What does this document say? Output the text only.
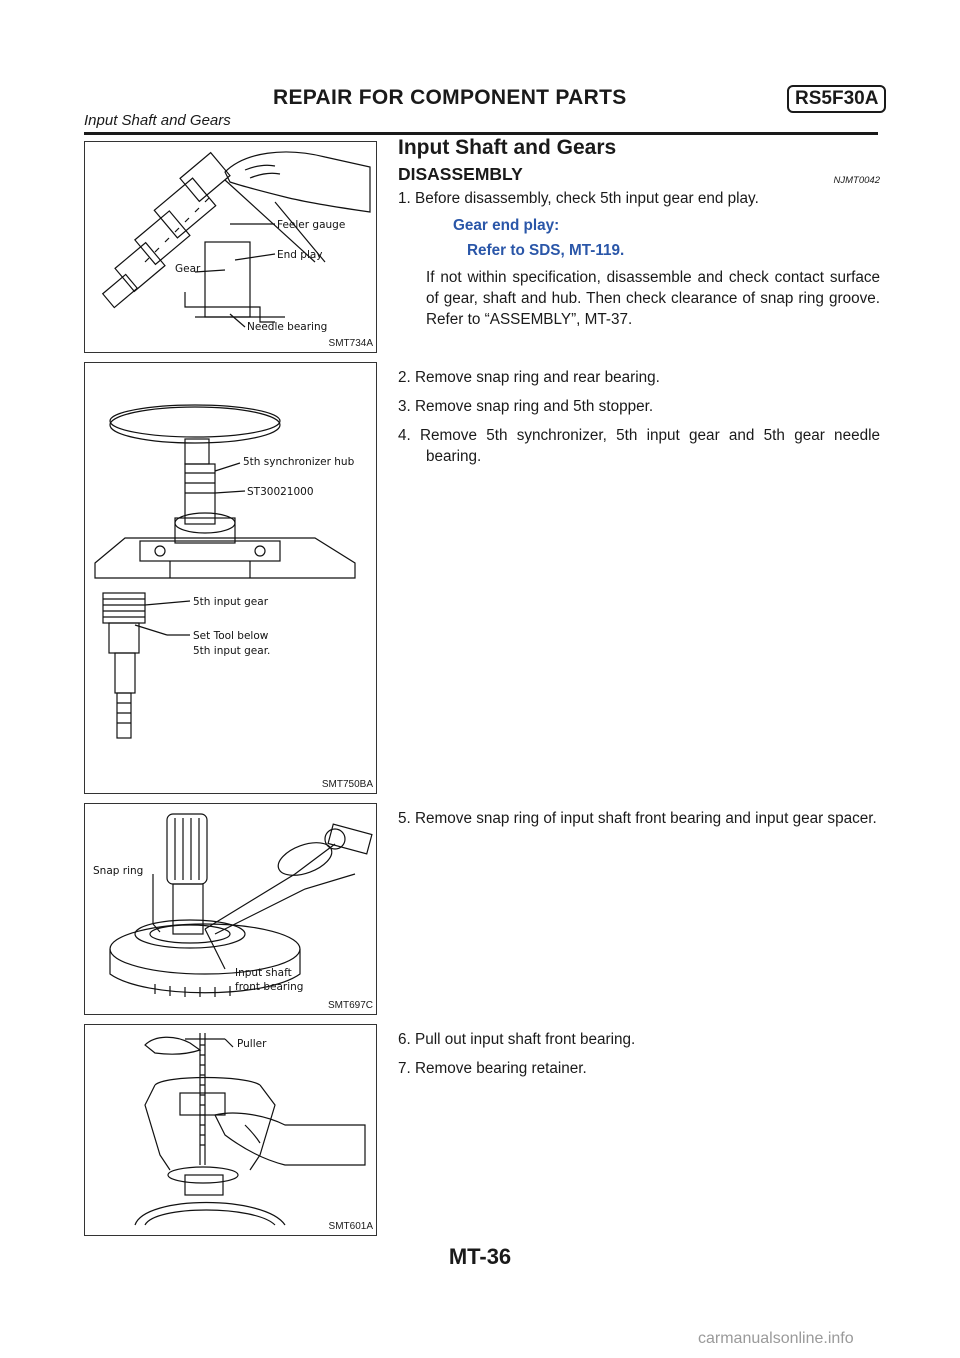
REPAIR FOR COMPONENT PARTS	RS5F30A
Input Shaft and Gears
Feeler gauge
End play
Gear
Needle bearing
SMT734A
5th synchronizer hub
ST30021000
5th input gear
Set Tool below
5th input gear.
SMT750BA
Snap ring
Input shaft
front bearing
SMT697C
Puller
SMT601A
Input Shaft and Gears
DISASSEMBLY	NJMT0042
1. Before disassembly, check 5th input gear end play.
Gear end play:
Refer to SDS, MT-119.
If not within specification, disassemble and check contact surface of gear, shaft and hub. Then check clearance of snap ring groove. Refer to “ASSEMBLY”, MT-37.
2. Remove snap ring and rear bearing.
3. Remove snap ring and 5th stopper.
4. Remove 5th synchronizer, 5th input gear and 5th gear needle bearing.
5. Remove snap ring of input shaft front bearing and input gear spacer.
6. Pull out input shaft front bearing.
7. Remove bearing retainer.
MT-36
carmanualsonline.info
